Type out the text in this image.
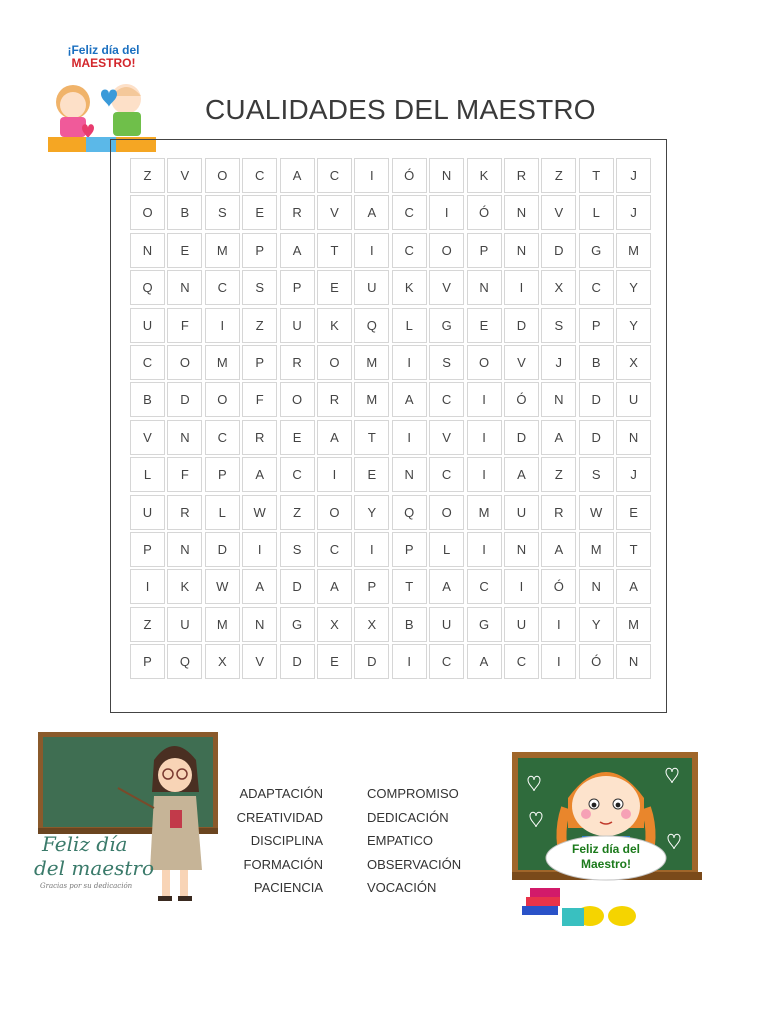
¡Feliz día del
MAESTRO!
CUALIDADES DEL MAESTRO
Z	V	O	C	A	C	I	Ó	N	K	R	Z	T	J
O	B	S	E	R	V	A	C	I	Ó	N	V	L	J
N	E	M	P	A	T	I	C	O	P	N	D	G	M
Q	N	C	S	P	E	U	K	V	N	I	X	C	Y
U	F	I	Z	U	K	Q	L	G	E	D	S	P	Y
C	O	M	P	R	O	M	I	S	O	V	J	B	X
B	D	O	F	O	R	M	A	C	I	Ó	N	D	U
V	N	C	R	E	A	T	I	V	I	D	A	D	N
L	F	P	A	C	I	E	N	C	I	A	Z	S	J
U	R	L	W	Z	O	Y	Q	O	M	U	R	W	E
P	N	D	I	S	C	I	P	L	I	N	A	M	T
I	K	W	A	D	A	P	T	A	C	I	Ó	N	A
Z	U	M	N	G	X	X	B	U	G	U	I	Y	M
P	Q	X	V	D	E	D	I	C	A	C	I	Ó	N
Feliz día
del maestro
Gracias por su dedicación
ADAPTACIÓN
CREATIVIDAD
DISCIPLINA
FORMACIÓN
PACIENCIA
COMPROMISO
DEDICACIÓN
EMPATICO
OBSERVACIÓN
VOCACIÓN
Feliz día del
Maestro!
